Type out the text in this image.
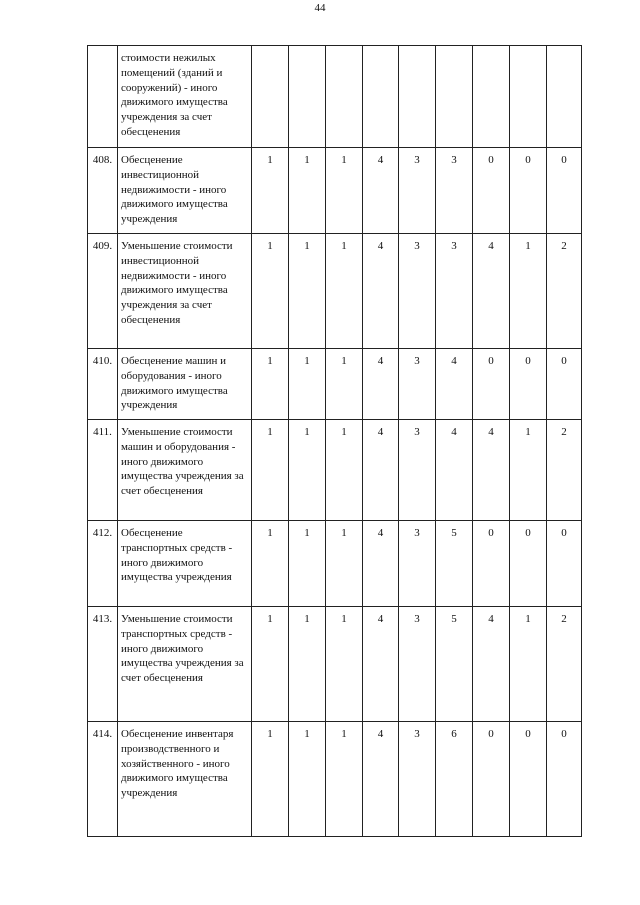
44
	стоимости нежилых помещений (зданий и сооружений) - иного движимого имущества учреждения за счет обесценения									
408.	Обесценение инвестиционной недвижимости - иного движимого имущества учреждения	1	1	1	4	3	3	0	0	0
409.	Уменьшение стоимости инвестиционной недвижимости - иного движимого имущества учреждения за счет обесценения	1	1	1	4	3	3	4	1	2
410.	Обесценение машин и оборудования - иного движимого имущества учреждения	1	1	1	4	3	4	0	0	0
411.	Уменьшение стоимости машин и оборудования - иного движимого имущества учреждения за счет обесценения	1	1	1	4	3	4	4	1	2
412.	Обесценение транспортных средств - иного движимого имущества учреждения	1	1	1	4	3	5	0	0	0
413.	Уменьшение стоимости транспортных средств - иного движимого имущества учреждения за счет обесценения	1	1	1	4	3	5	4	1	2
414.	Обесценение инвентаря производственного и хозяйственного - иного движимого имущества учреждения	1	1	1	4	3	6	0	0	0
